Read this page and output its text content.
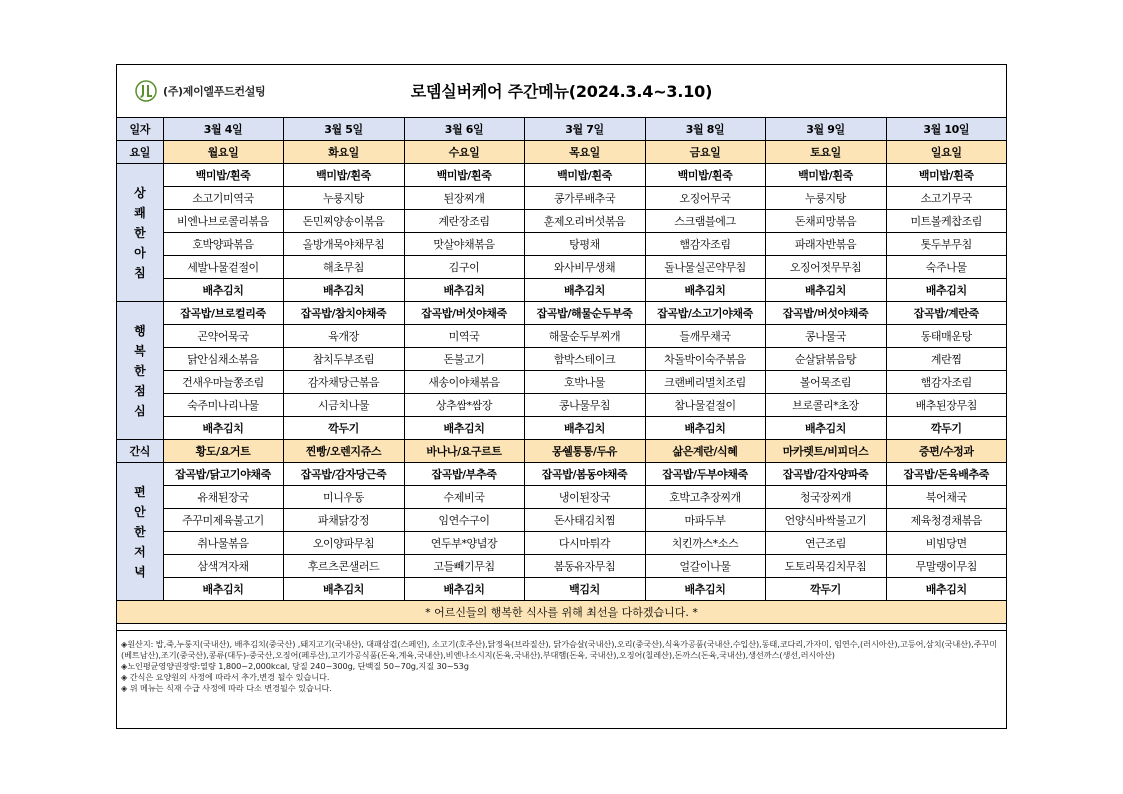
(주)제이엘푸드컨설팅	로뎀실버케어 주간메뉴(2024.3.4~3.10)
일자	3월 4일	3월 5일	3월 6일	3월 7일	3월 8일	3월 9일	3월 10일
요일	월요일	화요일	수요일	목요일	금요일	토요일	일요일
상
쾌
한
아
침	백미밥/흰죽	백미밥/흰죽	백미밥/흰죽	백미밥/흰죽	백미밥/흰죽	백미밥/흰죽	백미밥/흰죽
	소고기미역국	누룽지탕	된장찌개	콩가루배추국	오징어무국	누룽지탕	소고기무국
	비엔나브로콜리볶음	돈민찌양송이볶음	계란장조림	훈제오리버섯볶음	스크램블에그	돈채피망볶음	미트볼케찹조림
	호박양파볶음	올방개묵야채무침	맛살야채볶음	탕평채	햄감자조림	파래자반볶음	톳두부무침
	세발나물겉절이	해초무침	김구이	와사비무생채	돌나물실곤약무침	오징어젓무무침	숙주나물
	배추김치	배추김치	배추김치	배추김치	배추김치	배추김치	배추김치
행
복
한
점
심	잡곡밥/브로컬리죽	잡곡밥/참치야채죽	잡곡밥/버섯야채죽	잡곡밥/해물순두부죽	잡곡밥/소고기야채죽	잡곡밥/버섯야채죽	잡곡밥/계란죽
	곤약어묵국	육개장	미역국	해물순두부찌개	들깨무채국	콩나물국	동태매운탕
	닭안심채소볶음	참치두부조림	돈불고기	함박스테이크	차돌박이숙주볶음	순살닭볶음탕	계란찜
	건새우마늘쫑조림	감자채당근볶음	새송이야채볶음	호박나물	크랜베리멸치조림	볼어묵조림	햄감자조림
	숙주미나리나물	시금치나물	상추쌈*쌈장	콩나물무침	참나물겉절이	브로콜리*초장	배추된장무침
	배추김치	깍두기	배추김치	배추김치	배추김치	배추김치	깍두기
간식	황도/요거트	찐빵/오렌지쥬스	바나나/요구르트	몽쉘통통/두유	삶은계란/식혜	마카렛트/비피더스	증편/수정과
편
안
한
저
녁	잡곡밥/닭고기야채죽	잡곡밥/감자당근죽	잡곡밥/부추죽	잡곡밥/봄동야채죽	잡곡밥/두부야채죽	잡곡밥/감자양파죽	잡곡밥/돈육배추죽
	유채된장국	미니우동	수제비국	냉이된장국	호박고추장찌개	청국장찌개	북어채국
	주꾸미제육불고기	파채닭강정	임연수구이	돈사태김치찜	마파두부	언양식바싹불고기	제육청경채볶음
	취나물볶음	오이양파무침	연두부*양념장	다시마튀각	치킨까스*소스	연근조림	비빔당면
	삼색겨자채	후르츠콘샐러드	고들빼기무침	봄동유자무침	얼갈이나물	도토리묵김치무침	무말랭이무침
	배추김치	배추김치	배추김치	백김치	배추김치	깍두기	배추김치
* 어르신들의 행복한 식사를 위해 최선을 다하겠습니다. *							
◈원산지: 밥,죽,누룽지(국내산), 배추김치(중국산) ,돼지고기(국내산), 대패삼겹(스페인), 소고기(호주산),닭정육(브라질산), 닭가슴살(국내산),오리(중국산),식육가공품(국내산,수입산),동태,코다리,가자미, 임연수,(러시아산),고등어,삼치(국내산),주꾸미(베트남산),조기(중국산),콩류(대두)-중국산,오징어(페루산),고기가공식품(돈육,계육,국내산),비엔나소시지(돈육,국내산),부대햄(돈육, 국내산),오징어(칠레산),돈까스(돈육,국내산),생선까스(생선,러시아산)
◈노인평균영양권장량:열량 1,800~2,000kcal, 당질 240~300g, 단백질 50~70g,지질 30~53g
◈ 간식은 요양원의 사정에 따라서 추가,변경 될수 있습니다.
◈ 위 메뉴는 식재 수급 사정에 따라 다소 변경될수 있습니다.
